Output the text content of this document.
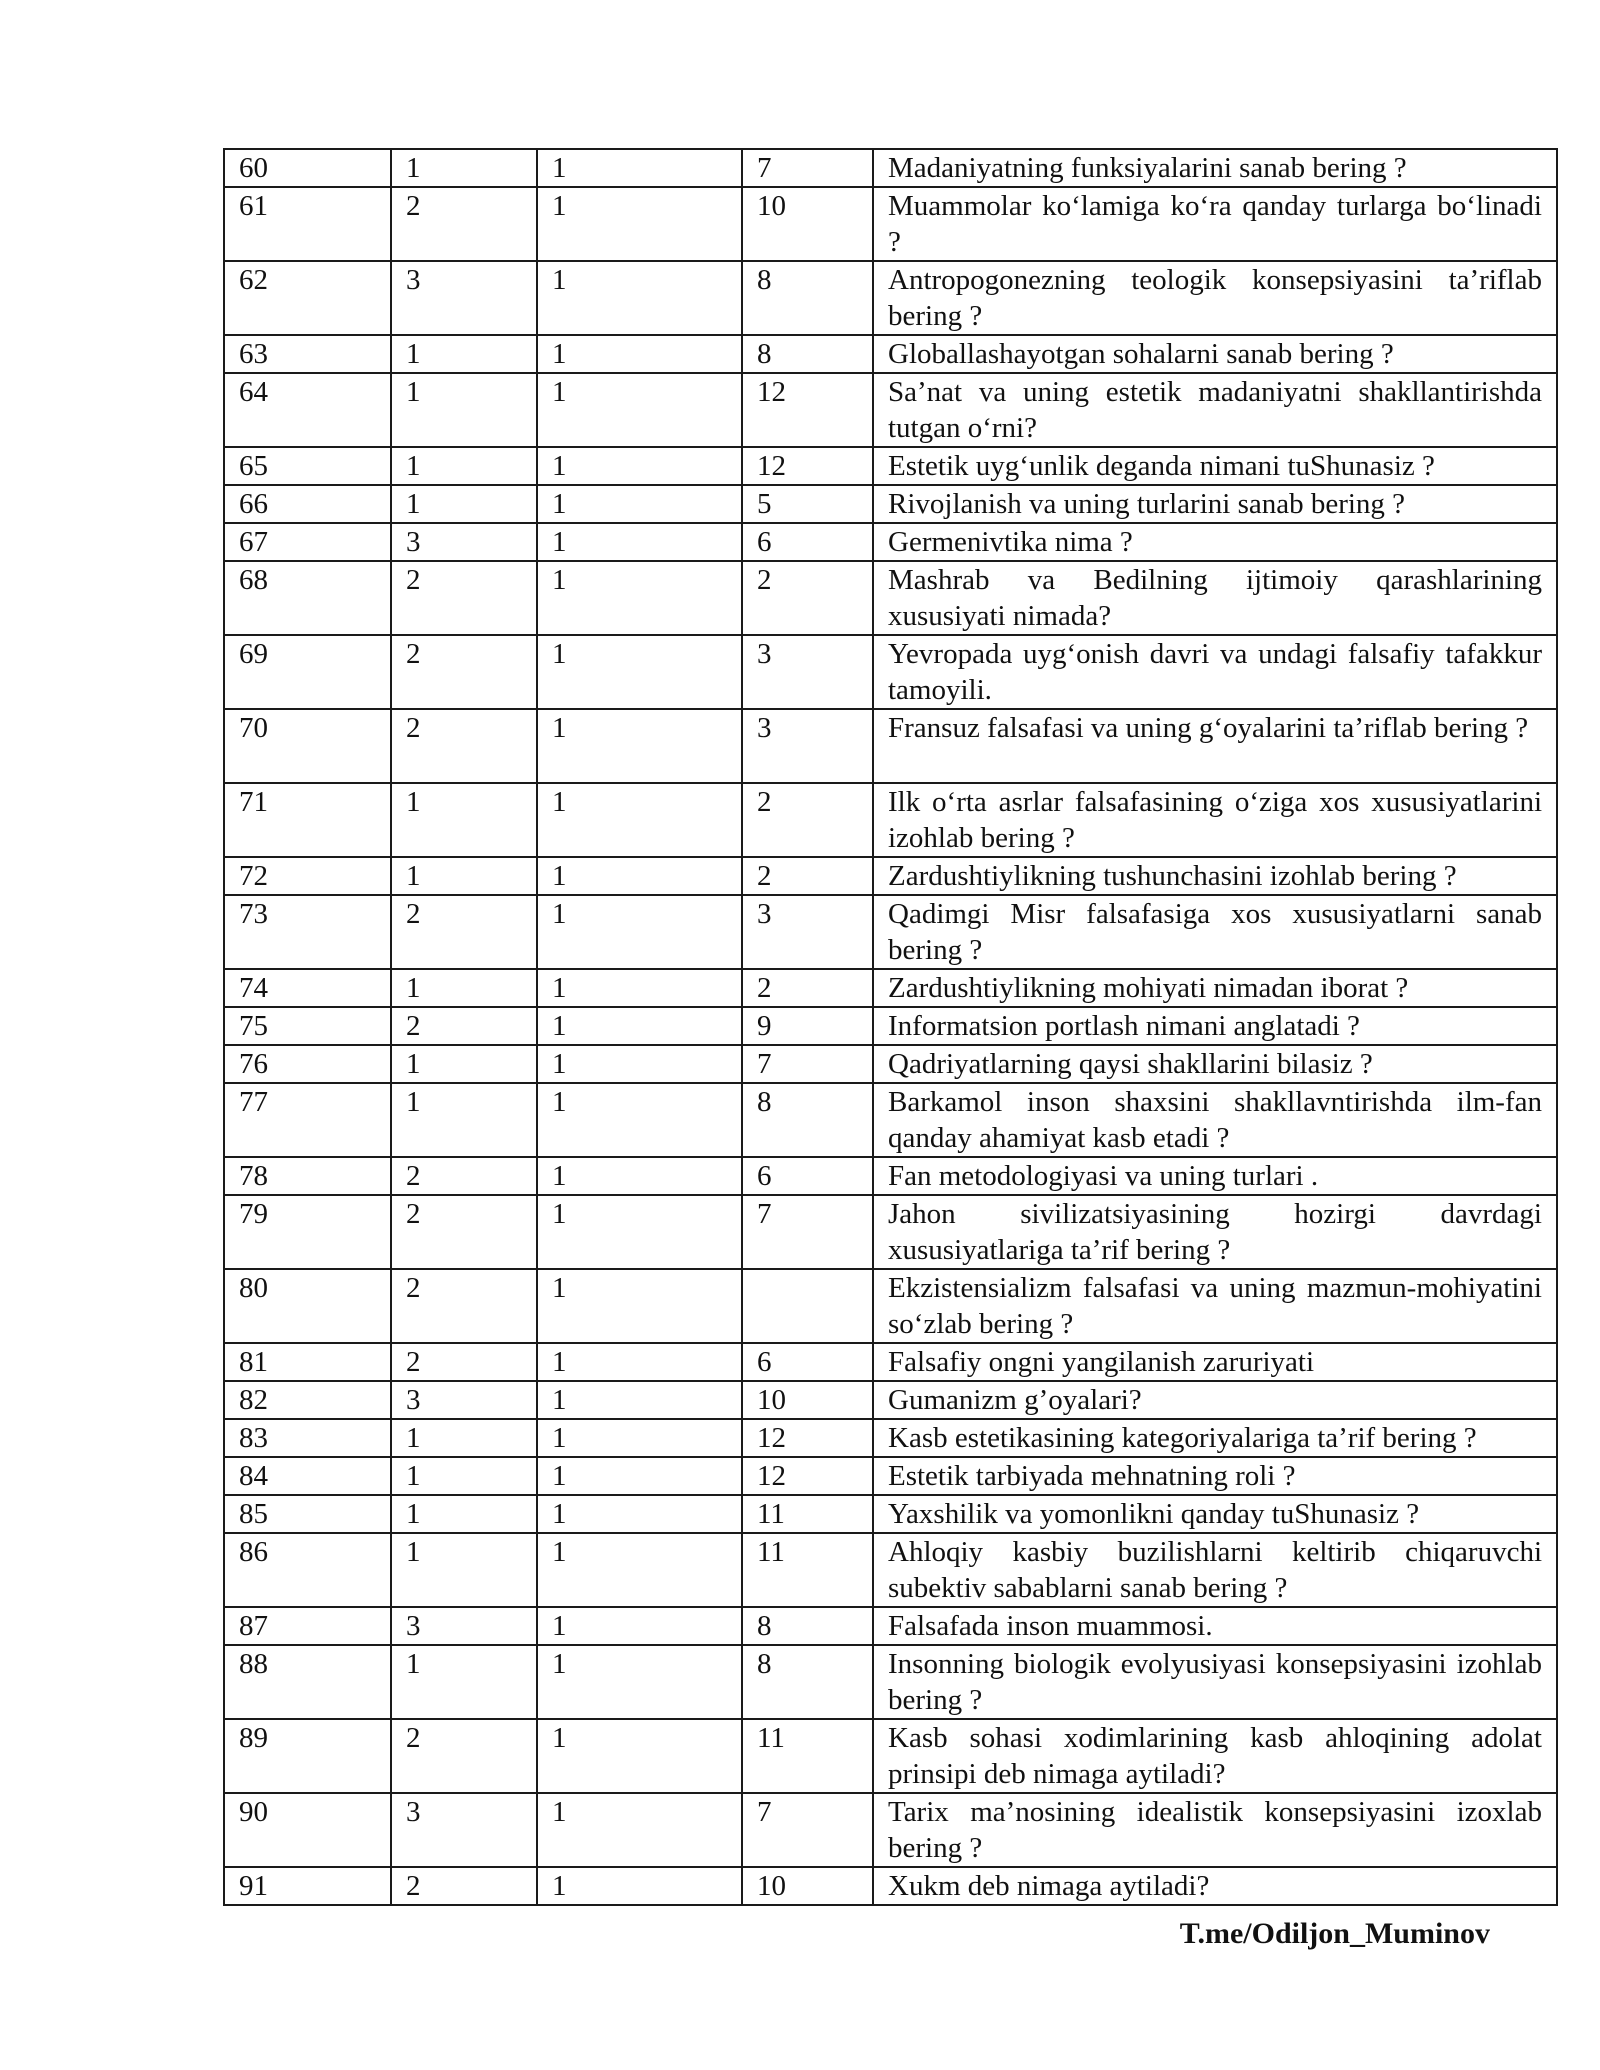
60	1	1	7	Madaniyatning funksiyalarini sanab bering ?
61	2	1	10	Muammolar ko‘lamiga ko‘ra qanday turlarga bo‘linadi ?
62	3	1	8	Antropogonezning teologik konsepsiyasini ta’riflab bering ?
63	1	1	8	Globallashayotgan sohalarni sanab bering ?
64	1	1	12	Sa’nat va uning estetik madaniyatni shakllantirishda tutgan o‘rni?
65	1	1	12	Estetik uyg‘unlik deganda nimani tuShunasiz ?
66	1	1	5	Rivojlanish va uning turlarini sanab bering ?
67	3	1	6	Germenivtika nima ?
68	2	1	2	Mashrab va Bedilning ijtimoiy qarashlarining xususiyati nimada?
69	2	1	3	Yevropada uyg‘onish davri va undagi falsafiy tafakkur tamoyili.
70	2	1	3	Fransuz falsafasi va uning g‘oyalarini ta’riflab bering ?
71	1	1	2	Ilk o‘rta asrlar falsafasining o‘ziga xos xususiyatlarini izohlab bering ?
72	1	1	2	Zardushtiylikning tushunchasini izohlab bering ?
73	2	1	3	Qadimgi Misr falsafasiga xos xususiyatlarni sanab bering ?
74	1	1	2	Zardushtiylikning mohiyati nimadan iborat ?
75	2	1	9	Informatsion portlash nimani anglatadi ?
76	1	1	7	Qadriyatlarning qaysi shakllarini bilasiz ?
77	1	1	8	Barkamol inson shaxsini shakllavntirishda ilm-fan qanday ahamiyat kasb etadi ?
78	2	1	6	Fan metodologiyasi va uning turlari .
79	2	1	7	Jahon sivilizatsiyasining hozirgi davrdagi xususiyatlariga ta’rif bering ?
80	2	1		Ekzistensializm falsafasi va uning mazmun-mohiyatini so‘zlab bering ?
81	2	1	6	Falsafiy ongni yangilanish zaruriyati
82	3	1	10	Gumanizm g’oyalari?
83	1	1	12	Kasb estetikasining kategoriyalariga ta’rif bering ?
84	1	1	12	Estetik tarbiyada mehnatning roli ?
85	1	1	11	Yaxshilik va yomonlikni qanday tuShunasiz ?
86	1	1	11	Ahloqiy kasbiy buzilishlarni keltirib chiqaruvchi subektiv sabablarni sanab bering ?
87	3	1	8	Falsafada inson muammosi.
88	1	1	8	Insonning biologik evolyusiyasi konsepsiyasini izohlab bering ?
89	2	1	11	Kasb sohasi xodimlarining kasb ahloqining adolat prinsipi deb nimaga aytiladi?
90	3	1	7	Tarix ma’nosining idealistik konsepsiyasini izoxlab bering ?
91	2	1	10	Xukm deb nimaga aytiladi?
T.me/Odiljon_Muminov
